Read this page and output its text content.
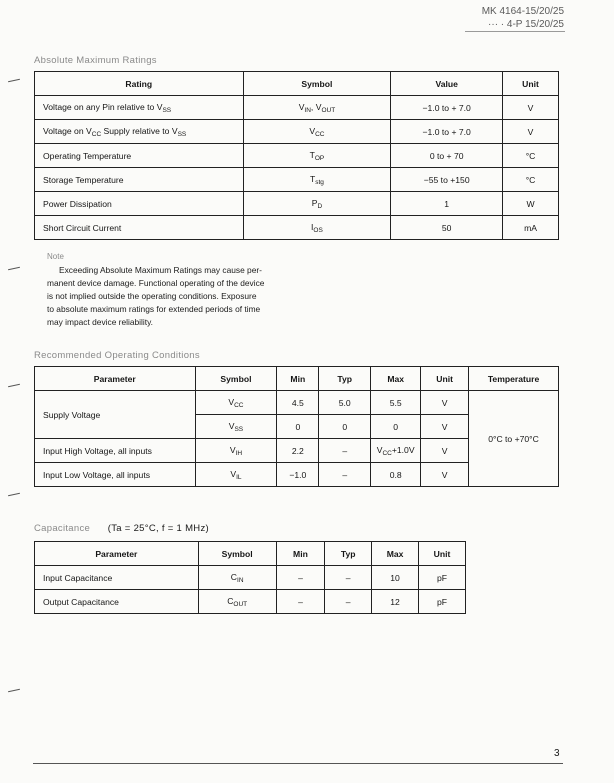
MK 4164-15/20/25
··· · 4-P 15/20/25
Absolute Maximum Ratings
Rating	Symbol	Value	Unit
Voltage on any Pin relative to $V_{SS}$	$V_{IN}$, $V_{OUT}$	−1.0 to + 7.0	V
Voltage on $V_{CC}$ Supply relative to $V_{SS}$	$V_{CC}$	−1.0 to + 7.0	V
Operating Temperature	$T_{OP}$	0 to + 70	°C
Storage Temperature	$T_{stg}$	−55 to +150	°C
Power Dissipation	$P_D$	1	W
Short Circuit Current	$I_{OS}$	50	mA
Note
Exceeding Absolute Maximum Ratings may cause per-
manent device damage. Functional operating of the device
is not implied outside the operating conditions. Exposure
to absolute maximum ratings for extended periods of time
may impact device reliability.
Recommended Operating Conditions
Parameter	Symbol	Min	Typ	Max	Unit	Temperature
Supply Voltage	$V_{CC}$	4.5	5.0	5.5	V	0°C to +70°C
	$V_{SS}$	0	0	0	V	
Input High Voltage, all inputs	$V_{IH}$	2.2	–	$V_{CC}+1.0V$	V	
Input Low Voltage, all inputs	$V_{IL}$	−1.0	–	0.8	V	
Capacitance (Ta = 25°C, f = 1 MHz)
Parameter	Symbol	Min	Typ	Max	Unit
Input Capacitance	$C_{IN}$	–	–	10	pF
Output Capacitance	$C_{OUT}$	–	–	12	pF
3
